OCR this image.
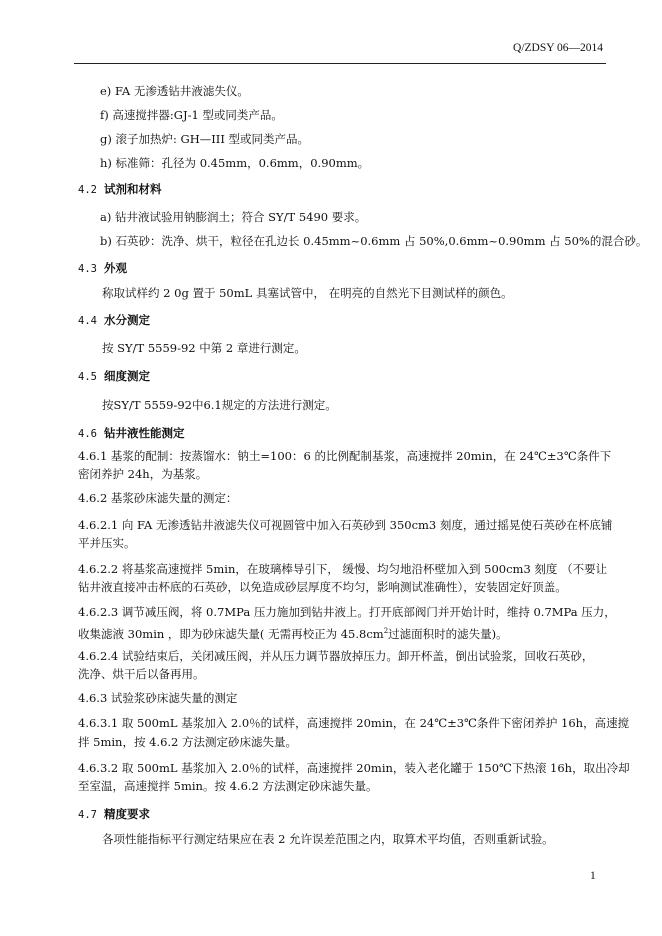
Q/ZDSY 06—2014
e) FA 无渗透钻井液滤失仪。
f) 高速搅拌器:GJ-1 型或同类产品。
g) 滚子加热炉: GH—III 型或同类产品。
h) 标准筛：孔径为 0.45mm，0.6mm，0.90mm。
4.2 试剂和材料
a) 钻井液试验用钠膨润土；符合 SY/T 5490 要求。
b) 石英砂：洗净、烘干，粒径在孔边长 0.45mm~0.6mm 占 50%,0.6mm~0.90mm 占 50%的混合砂。
4.3 外观
称取试样约 2 0g 置于 50mL 具塞试管中， 在明亮的自然光下目测试样的颜色。
4.4 水分测定
按 SY/T 5559-92 中第 2 章进行测定。
4.5 细度测定
按SY/T 5559-92中6.1规定的方法进行测定。
4.6 钻井液性能测定
4.6.1 基浆的配制：按蒸馏水：钠土=100：6 的比例配制基浆，高速搅拌 20min，在 24℃±3℃条件下
密闭养护 24h，为基浆。
4.6.2 基浆砂床滤失量的测定：
4.6.2.1 向 FA 无渗透钻井液滤失仪可视圆管中加入石英砂到 350cm3 刻度，通过摇晃使石英砂在杯底铺
平并压实。
4.6.2.2 将基浆高速搅拌 5min，在玻璃棒导引下， 缓慢、均匀地沿杯壁加入到 500cm3 刻度 （不要让
钻井液直接冲击杯底的石英砂，以免造成砂层厚度不均匀，影响测试准确性），安装固定好顶盖。
4.6.2.3 调节减压阀，将 0.7MPa 压力施加到钻井液上。打开底部阀门并开始计时，维持 0.7MPa 压力，
收集滤液 30min ，即为砂床滤失量( 无需再校正为 $45.8cm^2$过滤面积时的滤失量)。
4.6.2.4 试验结束后，关闭减压阀，并从压力调节器放掉压力。卸开杯盖，倒出试验浆，回收石英砂，
洗净、烘干后以备再用。
4.6.3 试验浆砂床滤失量的测定
4.6.3.1 取 500mL 基浆加入 2.0％的试样，高速搅拌 20min，在 24℃±3℃条件下密闭养护 16h，高速搅
拌 5min，按 4.6.2 方法测定砂床滤失量。
4.6.3.2 取 500mL 基浆加入 2.0％的试样，高速搅拌 20min，装入老化罐于 150℃下热滚 16h，取出冷却
至室温，高速搅拌 5min。按 4.6.2 方法测定砂床滤失量。
4.7 精度要求
各项性能指标平行测定结果应在表 2 允许误差范围之内，取算术平均值，否则重新试验。
1
